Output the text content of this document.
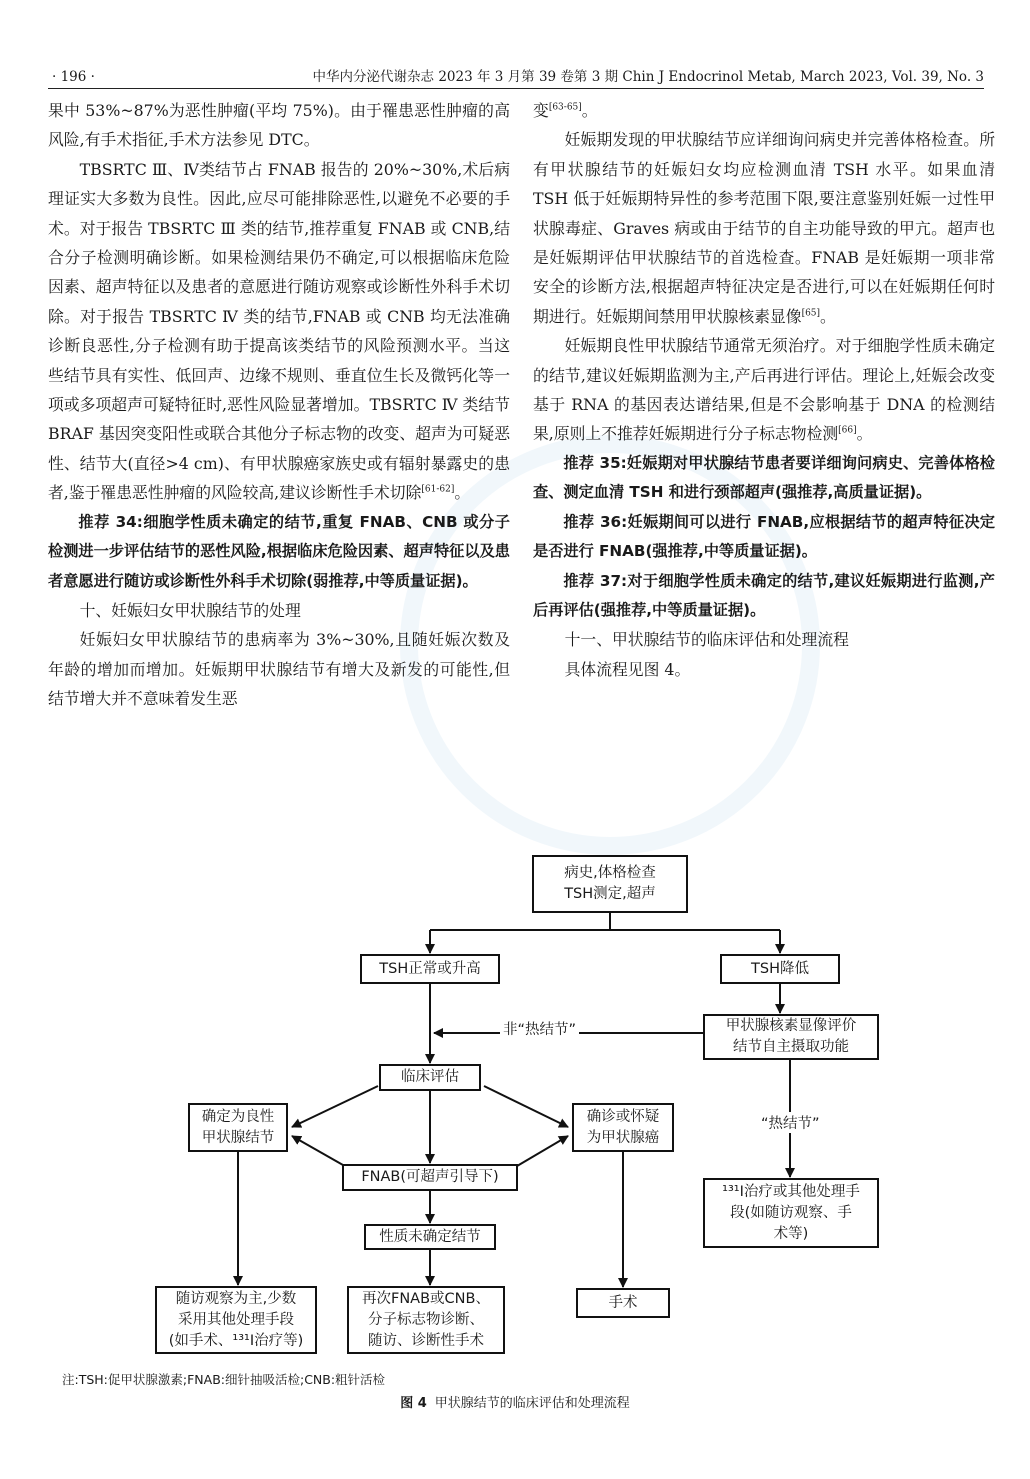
· 196 ·	中华内分泌代谢杂志 2023 年 3 月第 39 卷第 3 期 Chin J Endocrinol Metab, March 2023, Vol. 39, No. 3

果中 53%~87%为恶性肿瘤(平均 75%)。由于罹患恶性肿瘤的高风险,有手术指征,手术方法参见 DTC。

TBSRTC Ⅲ、Ⅳ类结节占 FNAB 报告的 20%~30%,术后病理证实大多数为良性。因此,应尽可能排除恶性,以避免不必要的手术。对于报告 TBSRTC Ⅲ 类的结节,推荐重复 FNAB 或 CNB,结合分子检测明确诊断。如果检测结果仍不确定,可以根据临床危险因素、超声特征以及患者的意愿进行随访观察或诊断性外科手术切除。对于报告 TBSRTC Ⅳ 类的结节,FNAB 或 CNB 均无法准确诊断良恶性,分子检测有助于提高该类结节的风险预测水平。当这些结节具有实性、低回声、边缘不规则、垂直位生长及微钙化等一项或多项超声可疑特征时,恶性风险显著增加。TBSRTC Ⅳ 类结节 BRAF 基因突变阳性或联合其他分子标志物的改变、超声为可疑恶性、结节大(直径>4 cm)、有甲状腺癌家族史或有辐射暴露史的患者,鉴于罹患恶性肿瘤的风险较高,建议诊断性手术切除[61-62]。

推荐 34:细胞学性质未确定的结节,重复 FNAB、CNB 或分子检测进一步评估结节的恶性风险,根据临床危险因素、超声特征以及患者意愿进行随访或诊断性外科手术切除(弱推荐,中等质量证据)。

十、妊娠妇女甲状腺结节的处理

妊娠妇女甲状腺结节的患病率为 3%~30%,且随妊娠次数及年龄的增加而增加。妊娠期甲状腺结节有增大及新发的可能性,但结节增大并不意味着发生恶

变[63-65]。

妊娠期发现的甲状腺结节应详细询问病史并完善体格检查。所有甲状腺结节的妊娠妇女均应检测血清 TSH 水平。如果血清 TSH 低于妊娠期特异性的参考范围下限,要注意鉴别妊娠一过性甲状腺毒症、Graves 病或由于结节的自主功能导致的甲亢。超声也是妊娠期评估甲状腺结节的首选检查。FNAB 是妊娠期一项非常安全的诊断方法,根据超声特征决定是否进行,可以在妊娠期任何时期进行。妊娠期间禁用甲状腺核素显像[65]。

妊娠期良性甲状腺结节通常无须治疗。对于细胞学性质未确定的结节,建议妊娠期监测为主,产后再进行评估。理论上,妊娠会改变基于 RNA 的基因表达谱结果,但是不会影响基于 DNA 的检测结果,原则上不推荐妊娠期进行分子标志物检测[66]。

推荐 35:妊娠期对甲状腺结节患者要详细询问病史、完善体格检查、测定血清 TSH 和进行颈部超声(强推荐,高质量证据)。

推荐 36:妊娠期间可以进行 FNAB,应根据结节的超声特征决定是否进行 FNAB(强推荐,中等质量证据)。

推荐 37:对于细胞学性质未确定的结节,建议妊娠期进行监测,产后再评估(强推荐,中等质量证据)。

十一、甲状腺结节的临床评估和处理流程

具体流程见图 4。

病史,体格检查
TSH测定,超声
TSH正常或升高	TSH降低
非“热结节”	甲状腺核素显像评价
结节自主摄取功能
临床评估
确定为良性
甲状腺结节
确诊或怀疑
为甲状腺癌
FNAB(可超声引导下)
“热结节”
¹³¹I治疗或其他处理手
段(如随访观察、手
术等)
性质未确定结节
随访观察为主,少数
采用其他处理手段
(如手术、¹³¹I治疗等)
再次FNAB或CNB、
分子标志物诊断、
随访、诊断性手术
手术
注:TSH:促甲状腺激素;FNAB:细针抽吸活检;CNB:粗针活检
图 4 甲状腺结节的临床评估和处理流程
